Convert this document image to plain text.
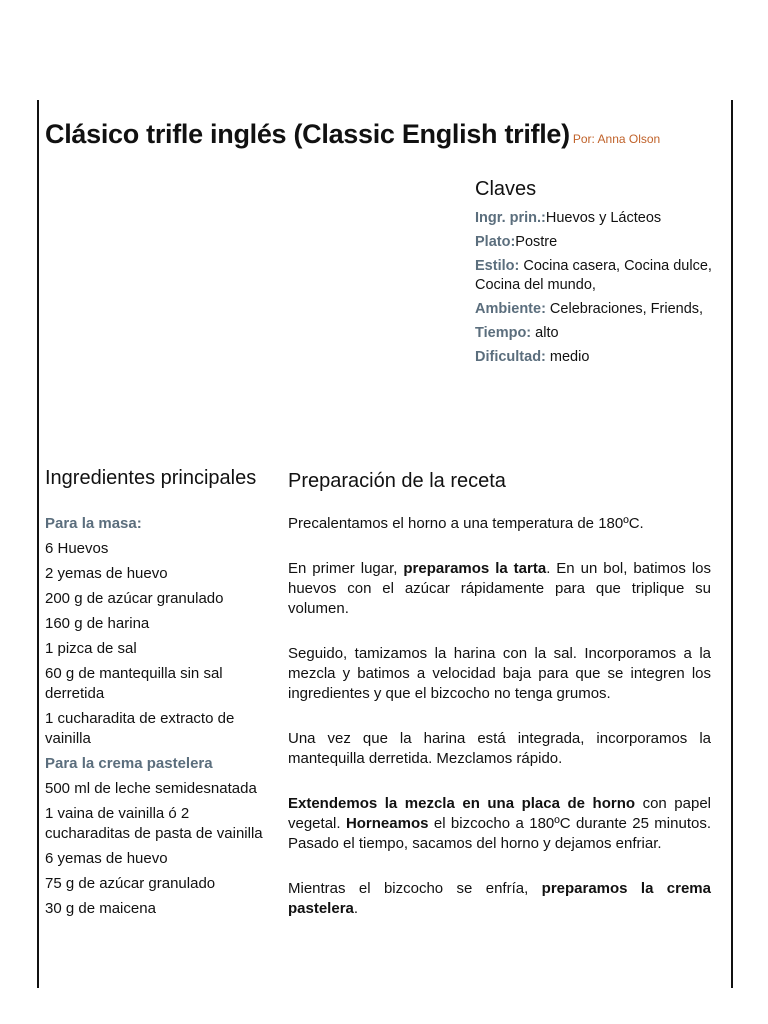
Clásico trifle inglés (Classic English trifle) Por: Anna Olson
Claves
Ingr. prin.:Huevos y Lácteos
Plato:Postre
Estilo: Cocina casera, Cocina dulce, Cocina del mundo,
Ambiente: Celebraciones, Friends,
Tiempo: alto
Dificultad: medio
Ingredientes principales
Para la masa:
6 Huevos
2 yemas de huevo
200 g de azúcar granulado
160 g de harina
1 pizca de sal
60 g de mantequilla sin sal derretida
1 cucharadita de extracto de vainilla
Para la crema pastelera
500 ml de leche semidesnatada
1 vaina de vainilla ó 2 cucharaditas de pasta de vainilla
6 yemas de huevo
75 g de azúcar granulado
30 g de maicena
Preparación de la receta

Precalentamos el horno a una temperatura de 180ºC.

En primer lugar, preparamos la tarta. En un bol, batimos los huevos con el azúcar rápidamente para que triplique su volumen.

Seguido, tamizamos la harina con la sal. Incorporamos a la mezcla y batimos a velocidad baja para que se integren los ingredientes y que el bizcocho no tenga grumos.

Una vez que la harina está integrada, incorporamos la mantequilla derretida. Mezclamos rápido.

Extendemos la mezcla en una placa de horno con papel vegetal. Horneamos el bizcocho a 180ºC durante 25 minutos. Pasado el tiempo, sacamos del horno y dejamos enfriar.

Mientras el bizcocho se enfría, preparamos la crema pastelera.
